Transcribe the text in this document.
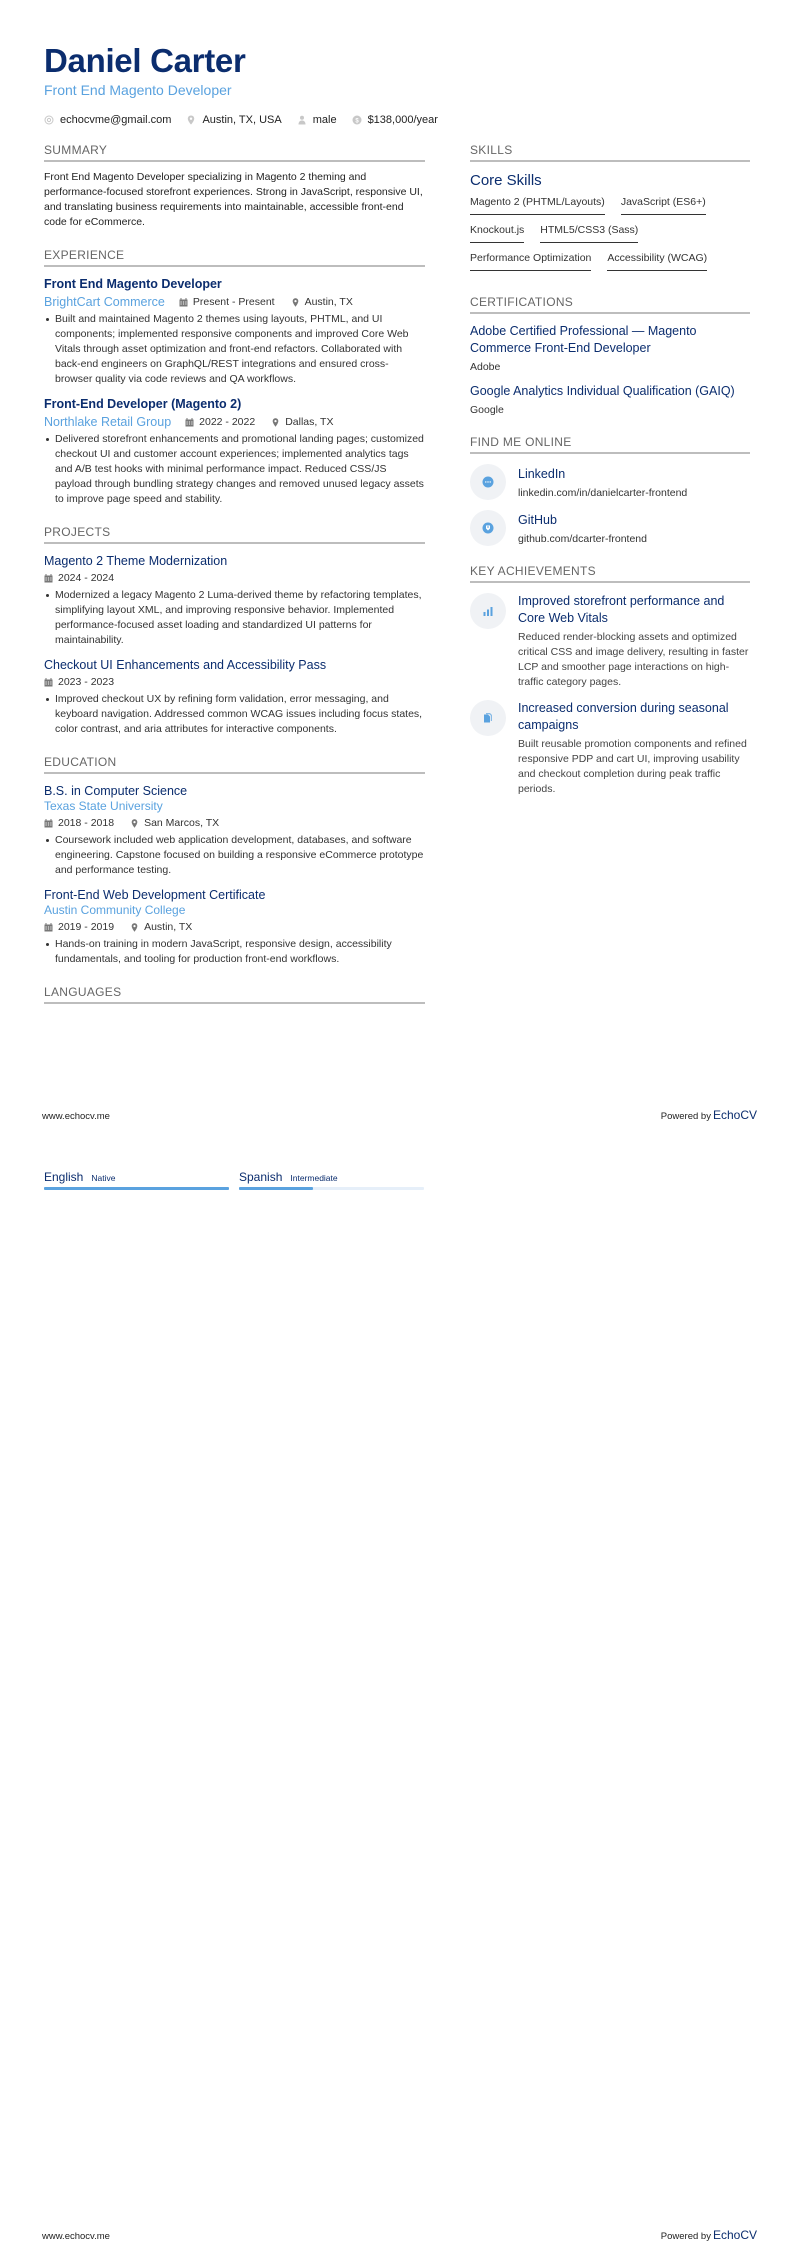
Daniel Carter
Front End Magento Developer
echocvme@gmail.com	Austin, TX, USA	male	$ $138,000/year
SUMMARY

Front End Magento Developer specializing in Magento 2 theming and performance-focused storefront experiences. Strong in JavaScript, responsive UI, and translating business requirements into maintainable, accessible front-end code for eCommerce.

EXPERIENCE
Front End Magento Developer
BrightCart Commerce	Present - Present	Austin, TX
Built and maintained Magento 2 themes using layouts, PHTML, and UI components; implemented responsive components and improved Core Web Vitals through asset optimization and front-end refactors. Collaborated with back-end engineers on GraphQL/REST integrations and ensured cross-browser quality via code reviews and QA workflows.
Front-End Developer (Magento 2)
Northlake Retail Group	2022 - 2022	Dallas, TX
Delivered storefront enhancements and promotional landing pages; customized checkout UI and customer account experiences; implemented analytics tags and A/B test hooks with minimal performance impact. Reduced CSS/JS payload through bundling strategy changes and removed unused legacy assets to improve page speed and stability.
PROJECTS
Magento 2 Theme Modernization
2024 - 2024
Modernized a legacy Magento 2 Luma-derived theme by refactoring templates, simplifying layout XML, and improving responsive behavior. Implemented performance-focused asset loading and standardized UI patterns for maintainability.
Checkout UI Enhancements and Accessibility Pass
2023 - 2023
Improved checkout UX by refining form validation, error messaging, and keyboard navigation. Addressed common WCAG issues including focus states, color contrast, and aria attributes for interactive components.
EDUCATION
B.S. in Computer Science
Texas State University
2018 - 2018	San Marcos, TX
Coursework included web application development, databases, and software engineering. Capstone focused on building a responsive eCommerce prototype and performance testing.
Front-End Web Development Certificate
Austin Community College
2019 - 2019	Austin, TX
Hands-on training in modern JavaScript, responsive design, accessibility fundamentals, and tooling for production front-end workflows.
LANGUAGES
SKILLS
Core Skills
Magento 2 (PHTML/Layouts) JavaScript (ES6+)
Knockout.js HTML5/CSS3 (Sass)
Performance Optimization Accessibility (WCAG)
CERTIFICATIONS
Adobe Certified Professional — Magento Commerce Front-End Developer
Adobe
Google Analytics Individual Qualification (GAIQ)
Google
FIND ME ONLINE
LinkedIn
linkedin.com/in/danielcarter-frontend
GitHub
github.com/dcarter-frontend
KEY ACHIEVEMENTS
Improved storefront performance and Core Web Vitals
Reduced render-blocking assets and optimized critical CSS and image delivery, resulting in faster LCP and smoother page interactions on high-traffic category pages.
Increased conversion during seasonal campaigns
Built reusable promotion components and refined responsive PDP and cart UI, improving usability and checkout completion during peak traffic periods.
www.echocv.me	Powered by EchoCV
English Native	Spanish Intermediate
www.echocv.me	Powered by EchoCV
